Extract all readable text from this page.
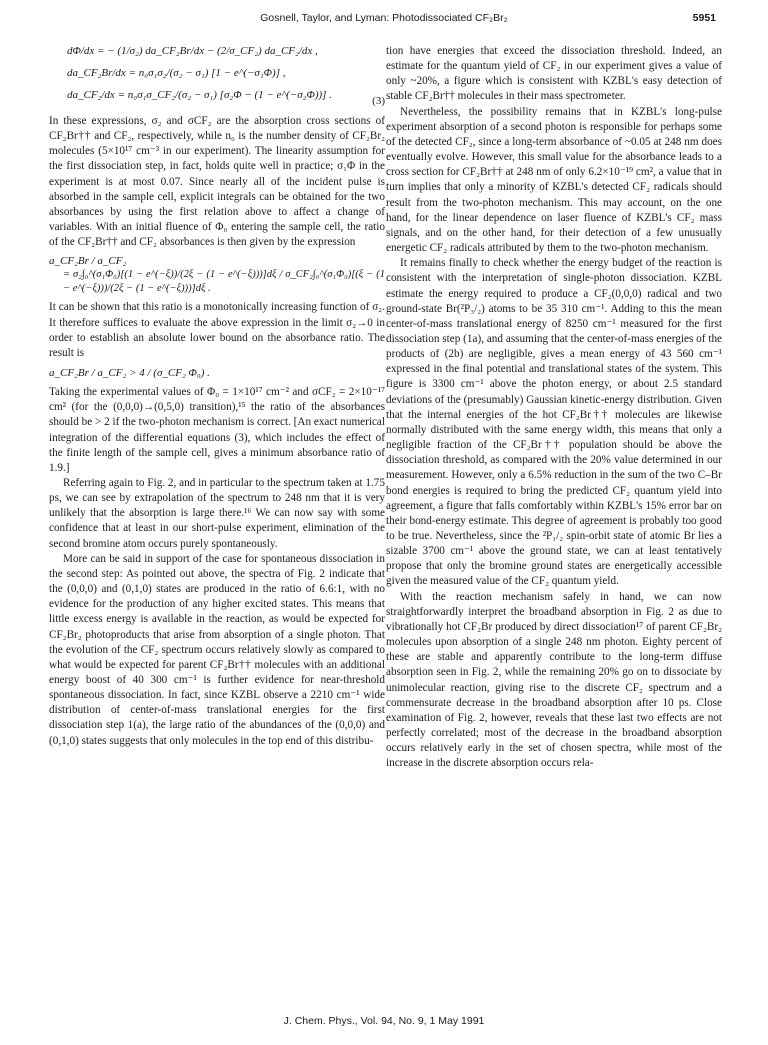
Gosnell, Taylor, and Lyman: Photodissociated CF₂Br₂	5951
dΦ/dx = − (1/σ₂) da_CF₂Br/dx − (2/σ_CF₂) da_CF₂/dx ,
da_CF₂Br/dx = n₀σ₁σ₂/(σ₂ − σ₁) [1 − e^(−σ₁Φ)] ,
da_CF₂/dx = n₀σ₁σ_CF₂/(σ₂ − σ₁) [σ₂Φ − (1 − e^(−σ₂Φ))] .	(3)

In these expressions, σ₂ and σCF₂ are the absorption cross sections of CF₂Br†† and CF₂, respectively, while n₀ is the number density of CF₂Br₂ molecules (5×10¹⁷ cm⁻³ in our experiment). The linearity assumption for the first dissociation step, in fact, holds quite well in practice; σ₁Φ in the experiment is at most 0.07. Since nearly all of the incident pulse is absorbed in the sample cell, explicit integrals can be obtained for the two absorbances by using the first relation above to affect a change of variables. With an initial fluence of Φ₀ entering the sample cell, the ratio of the CF₂Br†† and CF₂ absorbances is then given by the expression

a_CF₂Br / a_CF₂
= σ₂∫₀^(σ₁Φ₀)[(1 − e^(−ξ))/(2ξ − (1 − e^(−ξ)))]dξ / σ_CF₂∫₀^(σ₁Φ₀)[(ξ − (1 − e^(−ξ)))/(2ξ − (1 − e^(−ξ)))]dξ .

It can be shown that this ratio is a monotonically increasing function of σ₂. It therefore suffices to evaluate the above expression in the limit σ₂→0 in order to establish an absolute lower bound on the absorbance ratio. The result is

a_CF₂Br / a_CF₂ > 4 / (σ_CF₂ Φ₀) .

Taking the experimental values of Φ₀ = 1×10¹⁷ cm⁻² and σCF₂ = 2×10⁻¹⁷ cm² (for the (0,0,0)→(0,5,0) transition),¹⁵ the ratio of the absorbances should be > 2 if the two-photon mechanism is correct. [An exact numerical integration of the differential equations (3), which includes the effect of the finite length of the sample cell, gives a minimum absorbance ratio of 1.9.]

Referring again to Fig. 2, and in particular to the spectrum taken at 1.75 ps, we can see by extrapolation of the spectrum to 248 nm that it is very unlikely that the absorption is large there.¹⁶ We can now say with some confidence that at least in our short-pulse experiment, elimination of the second bromine atom occurs purely spontaneously.

More can be said in support of the case for spontaneous dissociation in the second step: As pointed out above, the spectra of Fig. 2 indicate that the (0,0,0) and (0,1,0) states are produced in the ratio of 6.6:1, with no evidence for the production of any higher excited states. This means that little excess energy is available in the reaction, as would be expected for CF₂Br₂ photoproducts that arise from absorption of a single photon. That the evolution of the CF₂ spectrum occurs relatively slowly as compared to what would be expected for parent CF₂Br†† molecules with an additional energy boost of 40 300 cm⁻¹ is further evidence for near-threshold spontaneous dissociation. In fact, since KZBL observe a 2210 cm⁻¹ wide distribution of center-of-mass translational energies for the first dissociation step 1(a), the large ratio of the abundances of the (0,0,0) and (0,1,0) states suggests that only molecules in the top end of this distribu-

tion have energies that exceed the dissociation threshold. Indeed, an estimate for the quantum yield of CF₂ in our experiment gives a value of only ~20%, a figure which is consistent with KZBL's easy detection of stable CF₂Br†† molecules in their mass spectrometer.

Nevertheless, the possibility remains that in KZBL's long-pulse experiment absorption of a second photon is responsible for perhaps some of the detected CF₂, since a long-term absorbance of ~0.05 at 248 nm does eventually evolve. However, this small value for the absorbance leads to a cross section for CF₂Br†† at 248 nm of only 6.2×10⁻¹⁹ cm², a value that in turn implies that only a minority of KZBL's detected CF₂ radicals should result from the two-photon mechanism. This may account, on the one hand, for the linear dependence on laser fluence of KZBL's CF₂ mass signals, and on the other hand, for their detection of a few unusually energetic CF₂ radicals attributed by them to the two-photon mechanism.

It remains finally to check whether the energy budget of the reaction is consistent with the interpretation of single-photon dissociation. KZBL estimate the energy required to produce a CF₂(0,0,0) radical and two ground-state Br(²P₃/₂) atoms to be 35 310 cm⁻¹. Adding to this the mean center-of-mass translational energy of 8250 cm⁻¹ measured for the first dissociation step (1a), and assuming that the center-of-mass energies of the products of (2b) are negligible, gives a mean energy of 43 560 cm⁻¹ expressed in the final potential and translational states of the system. This figure is 3300 cm⁻¹ above the photon energy, or about 2.5 standard deviations of the (presumably) Gaussian kinetic-energy distribution. Given that the internal energies of the hot CF₂Br†† molecules are likewise normally distributed with the same energy width, this means that only a negligible fraction of the CF₂Br†† population should be above the dissociation threshold, as compared with the 20% value determined in our measurement. However, only a 6.5% reduction in the sum of the two C–Br bond energies is required to bring the predicted CF₂ quantum yield into agreement, a figure that falls comfortably within KZBL's 15% error bar on their bond-energy estimate. This degree of agreement is probably too good to be true. Nevertheless, since the ²P₁/₂ spin-orbit state of atomic Br lies a sizable 3700 cm⁻¹ above the ground state, we can at least tentatively propose that only the bromine ground states are energetically accessible given the measured value of the CF₂ quantum yield.

With the reaction mechanism safely in hand, we can now straightforwardly interpret the broadband absorption in Fig. 2 as due to vibrationally hot CF₂Br produced by direct dissociation¹⁷ of parent CF₂Br₂ molecules upon absorption of a single 248 nm photon. Eighty percent of these are stable and apparently contribute to the long-term diffuse absorption seen in Fig. 2, while the remaining 20% go on to dissociate by unimolecular reaction, giving rise to the discrete CF₂ spectrum and a commensurate decrease in the broadband absorption after 10 ps. Close examination of Fig. 2, however, reveals that these last two effects are not perfectly correlated; most of the decrease in the broadband absorption occurs relatively early in the set of chosen spectra, while most of the increase in the discrete absorption occurs rela-

J. Chem. Phys., Vol. 94, No. 9, 1 May 1991
